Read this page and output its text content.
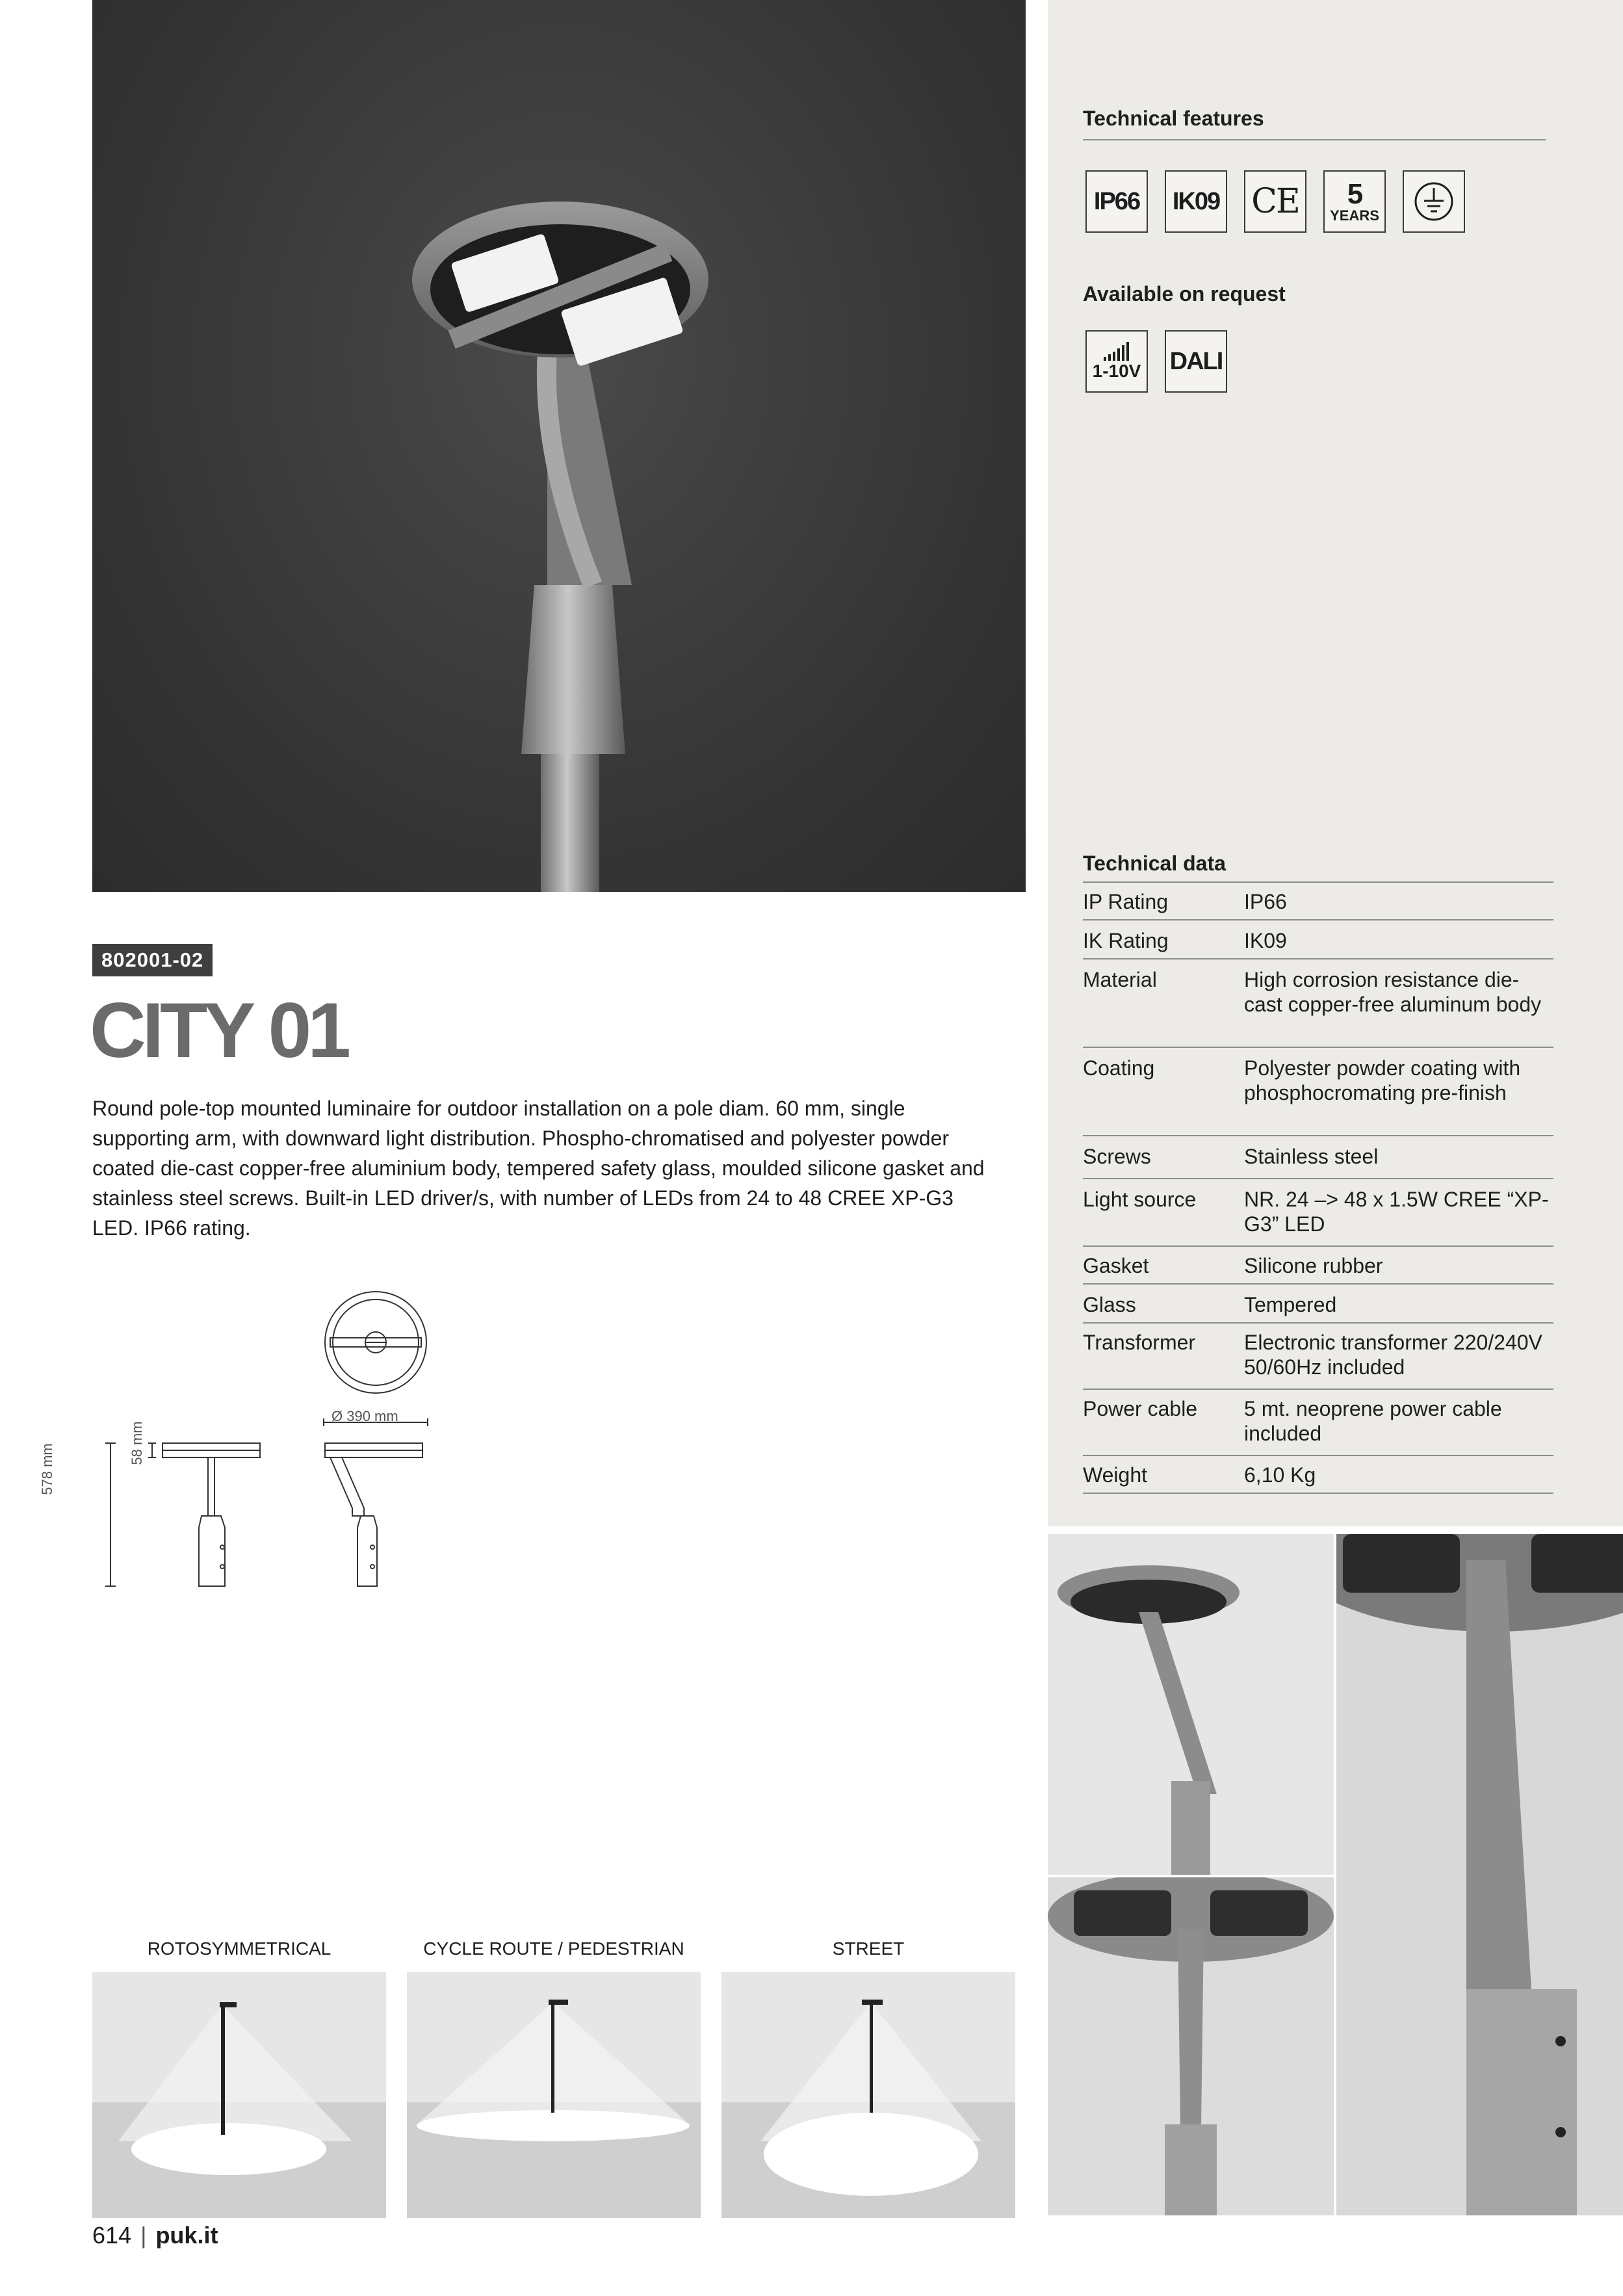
Technical features
IP66 IK09 CE 5
YEARS
Available on request
1-10V DALI
Technical data
IP Rating	IP66
IK Rating	IK09
Material	High corrosion resistance die-cast copper-free aluminum body
Coating	Polyester powder coating with phosphocromating pre-finish
Screws	Stainless steel
Light source	NR. 24 –> 48 x 1.5W CREE “XP-G3” LED
Gasket	Silicone rubber
Glass	Tempered
Transformer	Electronic transformer 220/240V 50/60Hz included
Power cable	5 mt. neoprene power cable included
Weight	6,10 Kg
802001-02
CITY 01
Round pole-top mounted luminaire for outdoor installation on a pole diam. 60 mm, single supporting arm, with downward light distribution. Phospho-chromatised and polyester powder coated die-cast copper-free aluminium body, tempered safety glass, moulded silicone gasket and stainless steel screws. Built-in LED driver/s, with number of LEDs from 24 to 48 CREE XP-G3 LED. IP66 rating.
Ø 390 mm
578 mm
58 mm
ROTOSYMMETRICAL	CYCLE ROUTE / PEDESTRIAN	STREET
614 | puk.it
